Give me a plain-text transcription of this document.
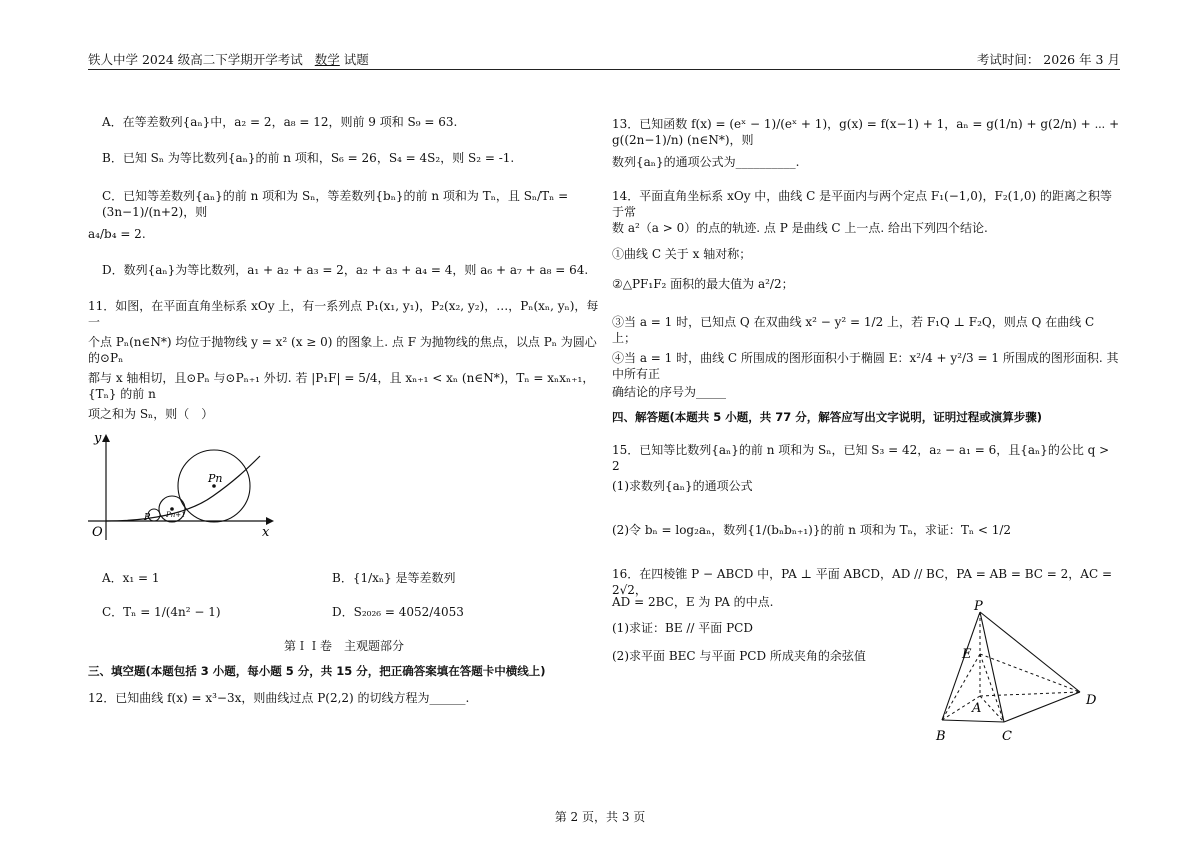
铁人中学 2024 级高二下学期开学考试 数学 试题	考试时间： 2026 年 3 月

A．在等差数列{aₙ}中，a₂ = 2，a₈ = 12，则前 9 项和 S₉ = 63.

B．已知 Sₙ 为等比数列{aₙ}的前 n 项和，S₆ = 26，S₄ = 4S₂，则 S₂ = -1.

C．已知等差数列{aₙ}的前 n 项和为 Sₙ，等差数列{bₙ}的前 n 项和为 Tₙ，且 Sₙ/Tₙ = (3n−1)/(n+2)，则

a₄/b₄ = 2.

D．数列{aₙ}为等比数列，a₁ + a₂ + a₃ = 2，a₂ + a₃ + a₄ = 4，则 a₆ + a₇ + a₈ = 64.

11．如图，在平面直角坐标系 xOy 上，有一系列点 P₁(x₁, y₁)，P₂(x₂, y₂)，…，Pₙ(xₙ, yₙ)，每一

个点 Pₙ(n∈N*) 均位于抛物线 y = x² (x ≥ 0) 的图象上. 点 F 为抛物线的焦点，以点 Pₙ 为圆心的⊙Pₙ

都与 x 轴相切，且⊙Pₙ 与⊙Pₙ₊₁ 外切. 若 |P₁F| = 5/4，且 xₙ₊₁ < xₙ (n∈N*)，Tₙ = xₙxₙ₊₁，{Tₙ} 的前 n

项之和为 Sₙ，则（　）

y
x
O
Pn
Pn+1
P
A．x₁ = 1	B．{1/xₙ} 是等差数列
C．Tₙ = 1/(4n² − 1)	D．S₂₀₂₆ = 4052/4053

第ＩＩ卷　主观题部分

三、填空题(本题包括 3 小题，每小题 5 分，共 15 分，把正确答案填在答题卡中横线上)

12．已知曲线 f(x) = x³−3x，则曲线过点 P(2,2) 的切线方程为______.

13．已知函数 f(x) = (eˣ − 1)/(eˣ + 1)，g(x) = f(x−1) + 1，aₙ = g(1/n) + g(2/n) + ⋯ + g((2n−1)/n) (n∈N*)，则

数列{aₙ}的通项公式为__________.

14．平面直角坐标系 xOy 中，曲线 C 是平面内与两个定点 F₁(−1,0)，F₂(1,0) 的距离之积等于常

数 a²（a > 0）的点的轨迹. 点 P 是曲线 C 上一点. 给出下列四个结论.

①曲线 C 关于 x 轴对称；

②△PF₁F₂ 面积的最大值为 a²/2；

③当 a = 1 时，已知点 Q 在双曲线 x² − y² = 1/2 上，若 F₁Q ⊥ F₂Q，则点 Q 在曲线 C 上；

④当 a = 1 时，曲线 C 所围成的图形面积小于椭圆 E：x²/4 + y²/3 = 1 所围成的图形面积. 其中所有正

确结论的序号为_____

四、解答题(本题共 5 小题，共 77 分，解答应写出文字说明，证明过程或演算步骤)

15．已知等比数列{aₙ}的前 n 项和为 Sₙ，已知 S₃ = 42，a₂ − a₁ = 6，且{aₙ}的公比 q > 2

(1)求数列{aₙ}的通项公式

(2)令 bₙ = log₂aₙ，数列{1/(bₙbₙ₊₁)}的前 n 项和为 Tₙ，求证：Tₙ < 1/2

16．在四棱锥 P − ABCD 中，PA ⊥ 平面 ABCD，AD // BC，PA = AB = BC = 2，AC = 2√2，

AD = 2BC，E 为 PA 的中点.

(1)求证：BE // 平面 PCD

(2)求平面 BEC 与平面 PCD 所成夹角的余弦值

P
E
A
B	C
D
第 2 页，共 3 页
